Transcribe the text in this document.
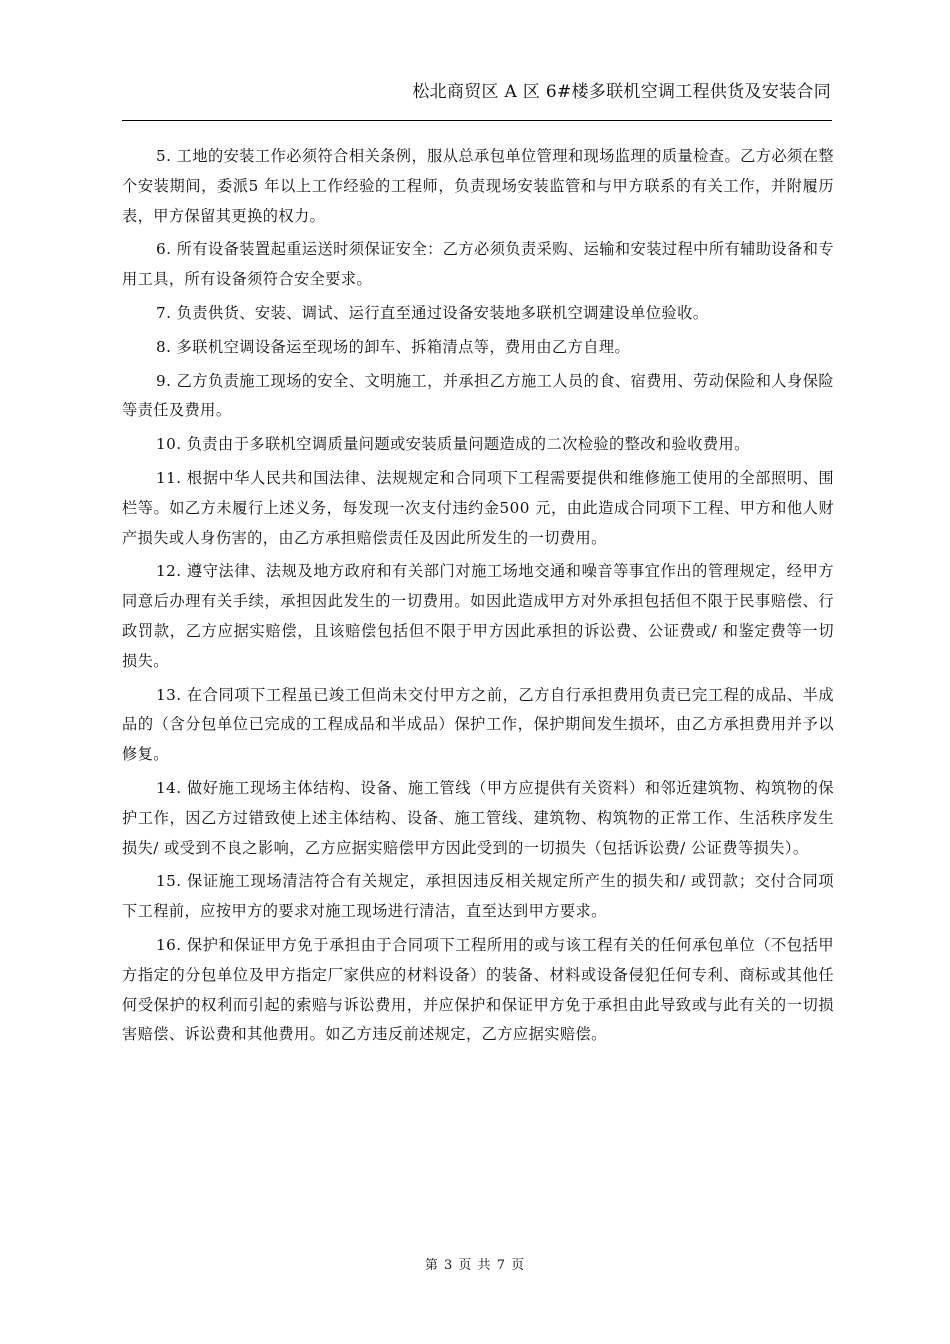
松北商贸区 A 区 6#楼多联机空调工程供货及安装合同

5. 工地的安装工作必须符合相关条例，服从总承包单位管理和现场监理的质量检查。乙方必须在整个安装期间，委派5 年以上工作经验的工程师，负责现场安装监管和与甲方联系的有关工作，并附履历表，甲方保留其更换的权力。

6. 所有设备装置起重运送时须保证安全：乙方必须负责采购、运输和安装过程中所有辅助设备和专用工具，所有设备须符合安全要求。

7. 负责供货、安装、调试、运行直至通过设备安装地多联机空调建设单位验收。

8. 多联机空调设备运至现场的卸车、拆箱清点等，费用由乙方自理。

9. 乙方负责施工现场的安全、文明施工，并承担乙方施工人员的食、宿费用、劳动保险和人身保险等责任及费用。

10. 负责由于多联机空调质量问题或安装质量问题造成的二次检验的整改和验收费用。

11. 根据中华人民共和国法律、法规规定和合同项下工程需要提供和维修施工使用的全部照明、围栏等。如乙方未履行上述义务，每发现一次支付违约金500 元，由此造成合同项下工程、甲方和他人财产损失或人身伤害的，由乙方承担赔偿责任及因此所发生的一切费用。

12. 遵守法律、法规及地方政府和有关部门对施工场地交通和噪音等事宜作出的管理规定，经甲方同意后办理有关手续，承担因此发生的一切费用。如因此造成甲方对外承担包括但不限于民事赔偿、行政罚款，乙方应据实赔偿，且该赔偿包括但不限于甲方因此承担的诉讼费、公证费或/ 和鉴定费等一切损失。

13. 在合同项下工程虽已竣工但尚未交付甲方之前，乙方自行承担费用负责已完工程的成品、半成品的（含分包单位已完成的工程成品和半成品）保护工作，保护期间发生损坏，由乙方承担费用并予以修复。

14. 做好施工现场主体结构、设备、施工管线（甲方应提供有关资料）和邻近建筑物、构筑物的保护工作，因乙方过错致使上述主体结构、设备、施工管线、建筑物、构筑物的正常工作、生活秩序发生损失/ 或受到不良之影响，乙方应据实赔偿甲方因此受到的一切损失（包括诉讼费/ 公证费等损失）。

15. 保证施工现场清洁符合有关规定，承担因违反相关规定所产生的损失和/ 或罚款；交付合同项下工程前，应按甲方的要求对施工现场进行清洁，直至达到甲方要求。

16. 保护和保证甲方免于承担由于合同项下工程所用的或与该工程有关的任何承包单位（不包括甲方指定的分包单位及甲方指定厂家供应的材料设备）的装备、材料或设备侵犯任何专利、商标或其他任何受保护的权利而引起的索赔与诉讼费用，并应保护和保证甲方免于承担由此导致或与此有关的一切损害赔偿、诉讼费和其他费用。如乙方违反前述规定，乙方应据实赔偿。

第 3 页 共 7 页
